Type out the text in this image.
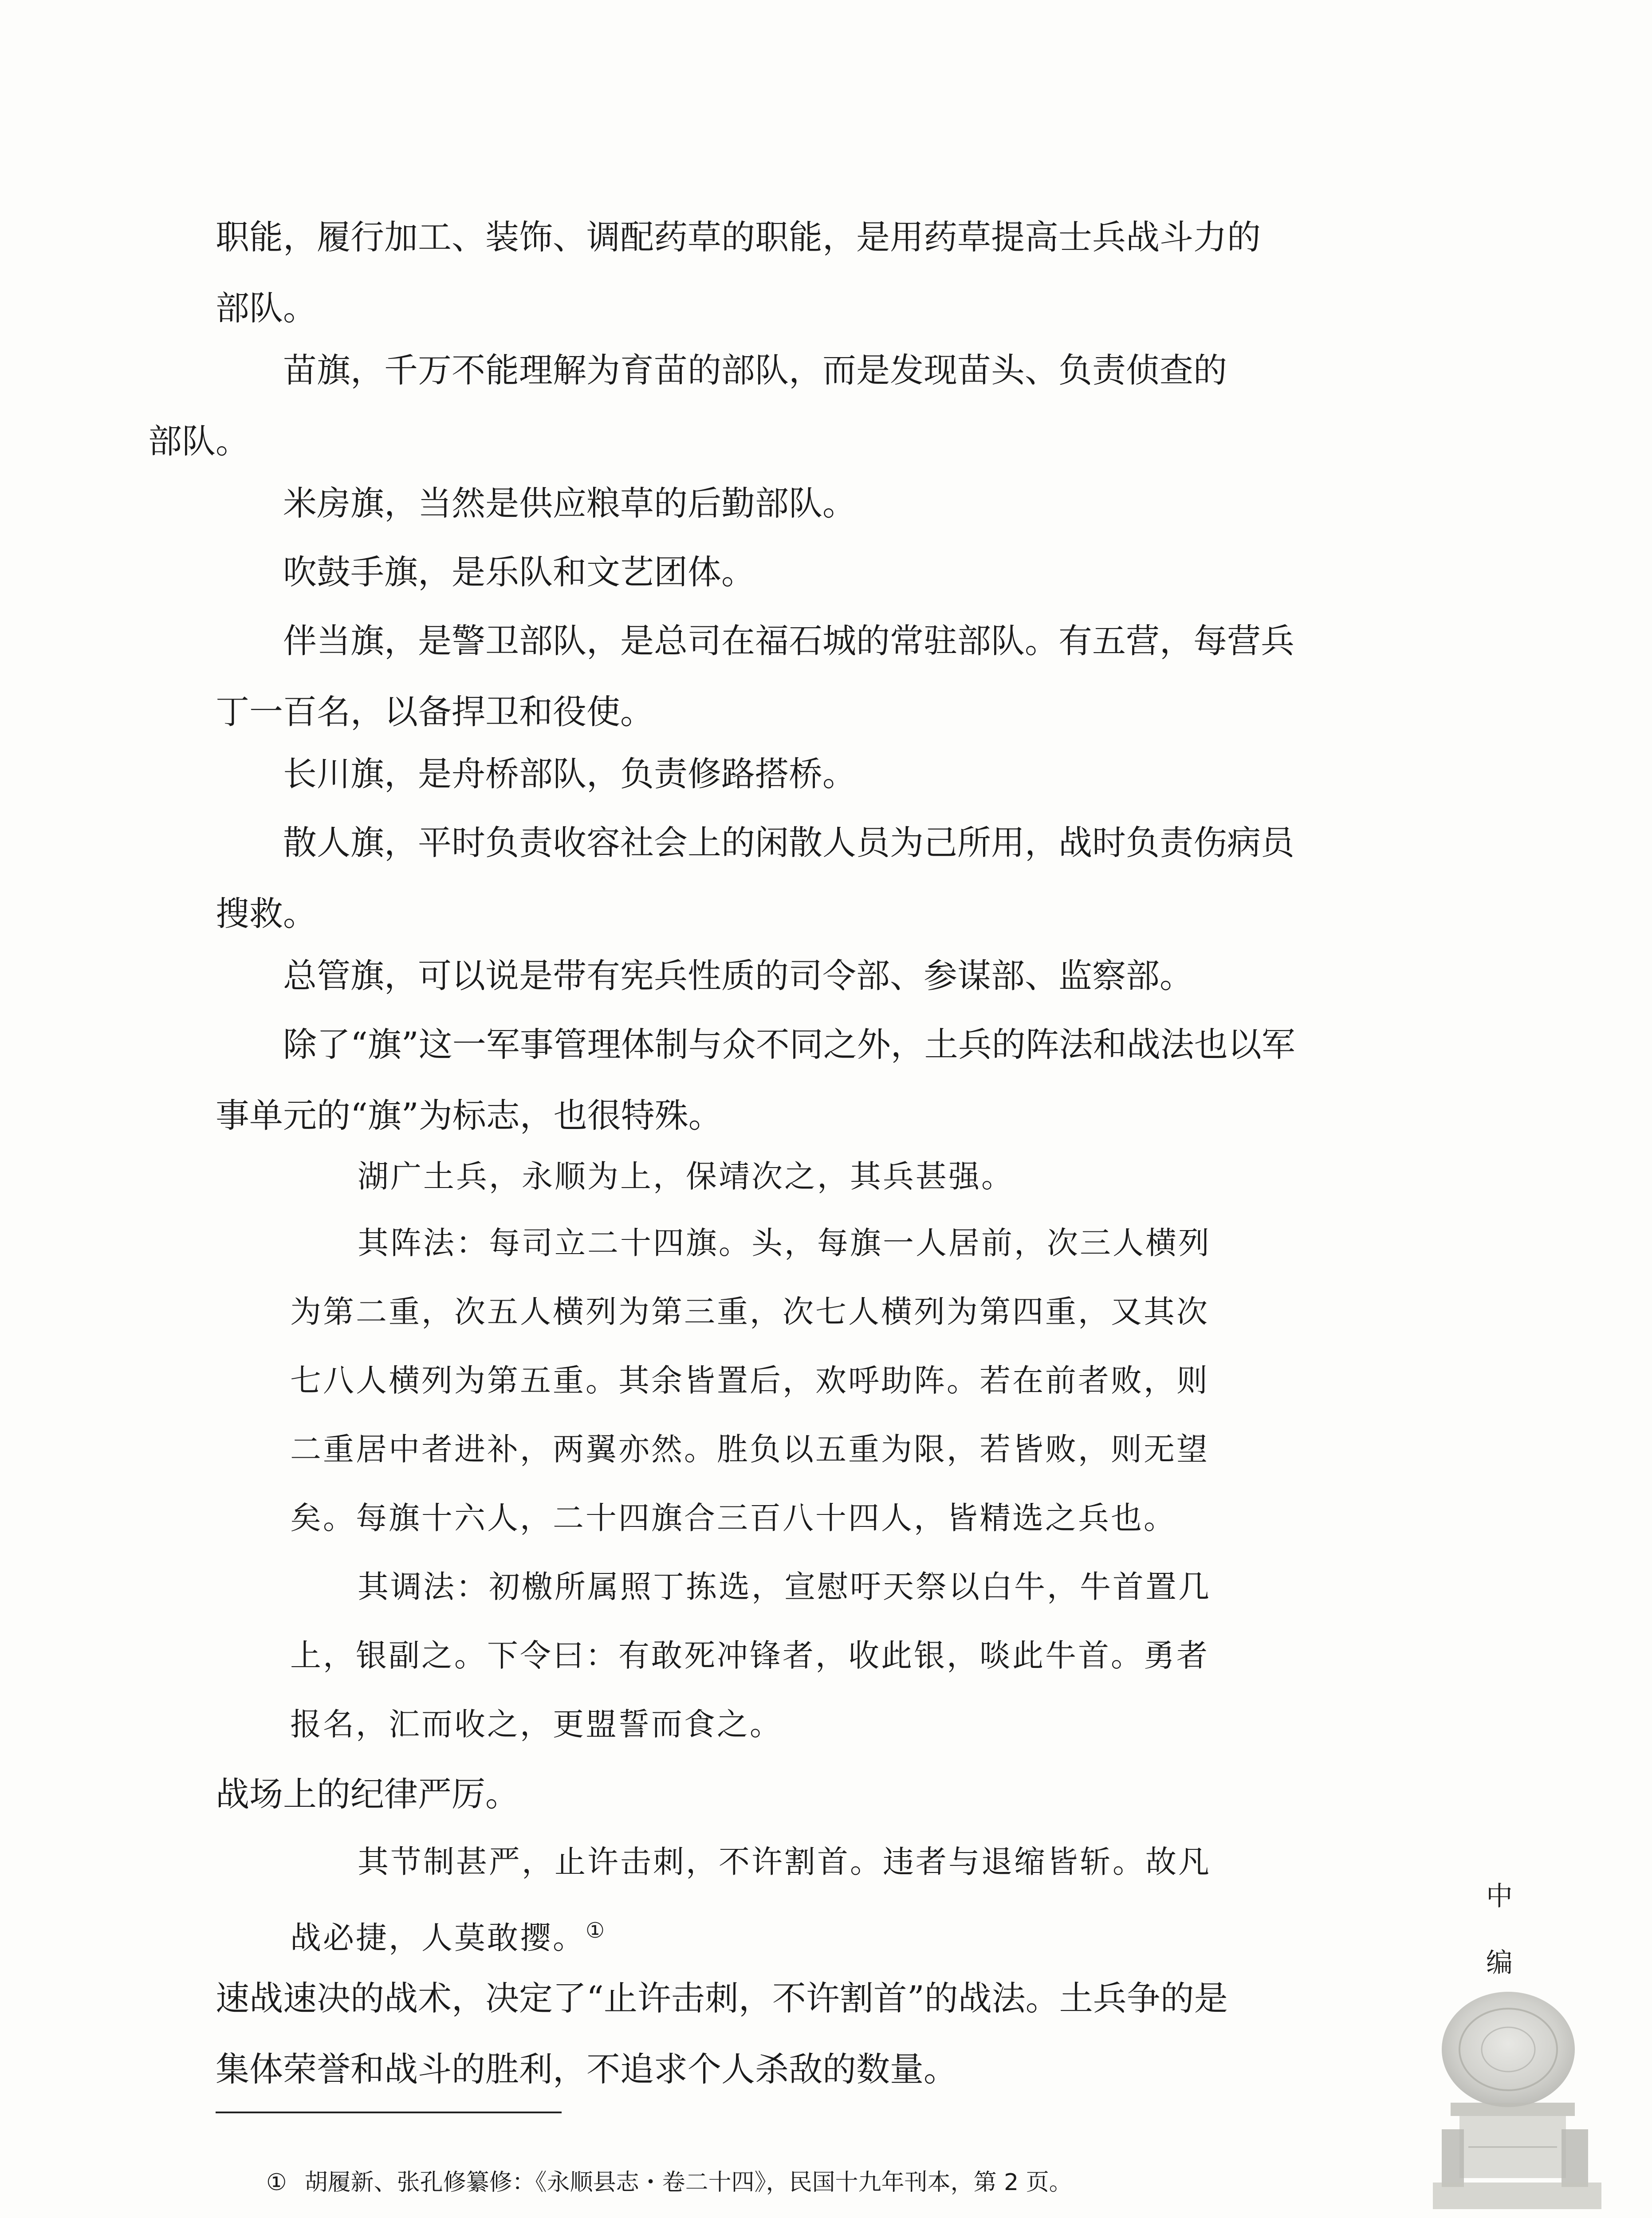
职能，履行加工、装饰、调配药草的职能，是用药草提高士兵战斗力的
部队。

苗旗，千万不能理解为育苗的部队，而是发现苗头、负责侦查的
部队。

米房旗，当然是供应粮草的后勤部队。

吹鼓手旗，是乐队和文艺团体。

伴当旗，是警卫部队，是总司在福石城的常驻部队。有五营，每营兵
丁一百名，以备捍卫和役使。

长川旗，是舟桥部队，负责修路搭桥。

散人旗，平时负责收容社会上的闲散人员为己所用，战时负责伤病员
搜救。

总管旗，可以说是带有宪兵性质的司令部、参谋部、监察部。

除了“旗”这一军事管理体制与众不同之外，土兵的阵法和战法也以军
事单元的“旗”为标志，也很特殊。

湖广土兵，永顺为上，保靖次之，其兵甚强。

其阵法：每司立二十四旗。头，每旗一人居前，次三人横列
为第二重，次五人横列为第三重，次七人横列为第四重，又其次
七八人横列为第五重。其余皆置后，欢呼助阵。若在前者败，则
二重居中者进补，两翼亦然。胜负以五重为限，若皆败，则无望
矣。每旗十六人，二十四旗合三百八十四人，皆精选之兵也。

其调法：初檄所属照丁拣选，宣慰吁天祭以白牛，牛首置几
上，银副之。下令曰：有敢死冲锋者，收此银，啖此牛首。勇者
报名，汇而收之，更盟誓而食之。

战场上的纪律严厉。

其节制甚严，止许击刺，不许割首。违者与退缩皆斩。故凡
战必捷，人莫敢撄。①

速战速决的战术，决定了“止许击刺，不许割首”的战法。土兵争的是
集体荣誉和战斗的胜利，不追求个人杀敌的数量。

① 胡履新、张孔修纂修：《永顺县志・卷二十四》，民国十九年刊本，第 2 页。
中
编
